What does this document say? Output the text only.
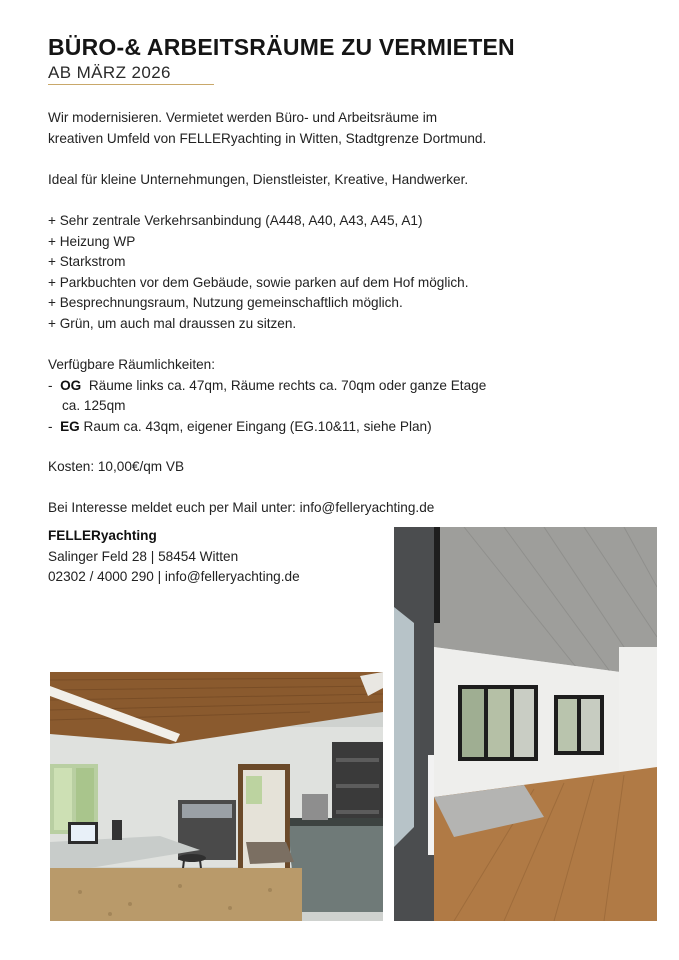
BÜRO-& ARBEITSRÄUME ZU VERMIETEN
AB MÄRZ 2026
Wir modernisieren. Vermietet werden Büro- und Arbeitsräume im
kreativen Umfeld von FELLERyachting in Witten, Stadtgrenze Dortmund.
Ideal für kleine Unternehmungen, Dienstleister, Kreative, Handwerker.
+ Sehr zentrale Verkehrsanbindung (A448, A40, A43, A45, A1)
+ Heizung WP
+ Starkstrom
+ Parkbuchten vor dem Gebäude, sowie parken auf dem Hof möglich.
+ Besprechnungsraum, Nutzung gemeinschaftlich möglich.
+ Grün, um auch mal draussen zu sitzen.
Verfügbare Räumlichkeiten:
- OG Räume links ca. 47qm, Räume rechts ca. 70qm oder ganze Etage
ca. 125qm
- EG Raum ca. 43qm, eigener Eingang (EG.10&11, siehe Plan)
Kosten: 10,00€/qm VB
Bei Interesse meldet euch per Mail unter: info@felleryachting.de
FELLERyachting
Salinger Feld 28 | 58454 Witten
02302 / 4000 290 | info@felleryachting.de
